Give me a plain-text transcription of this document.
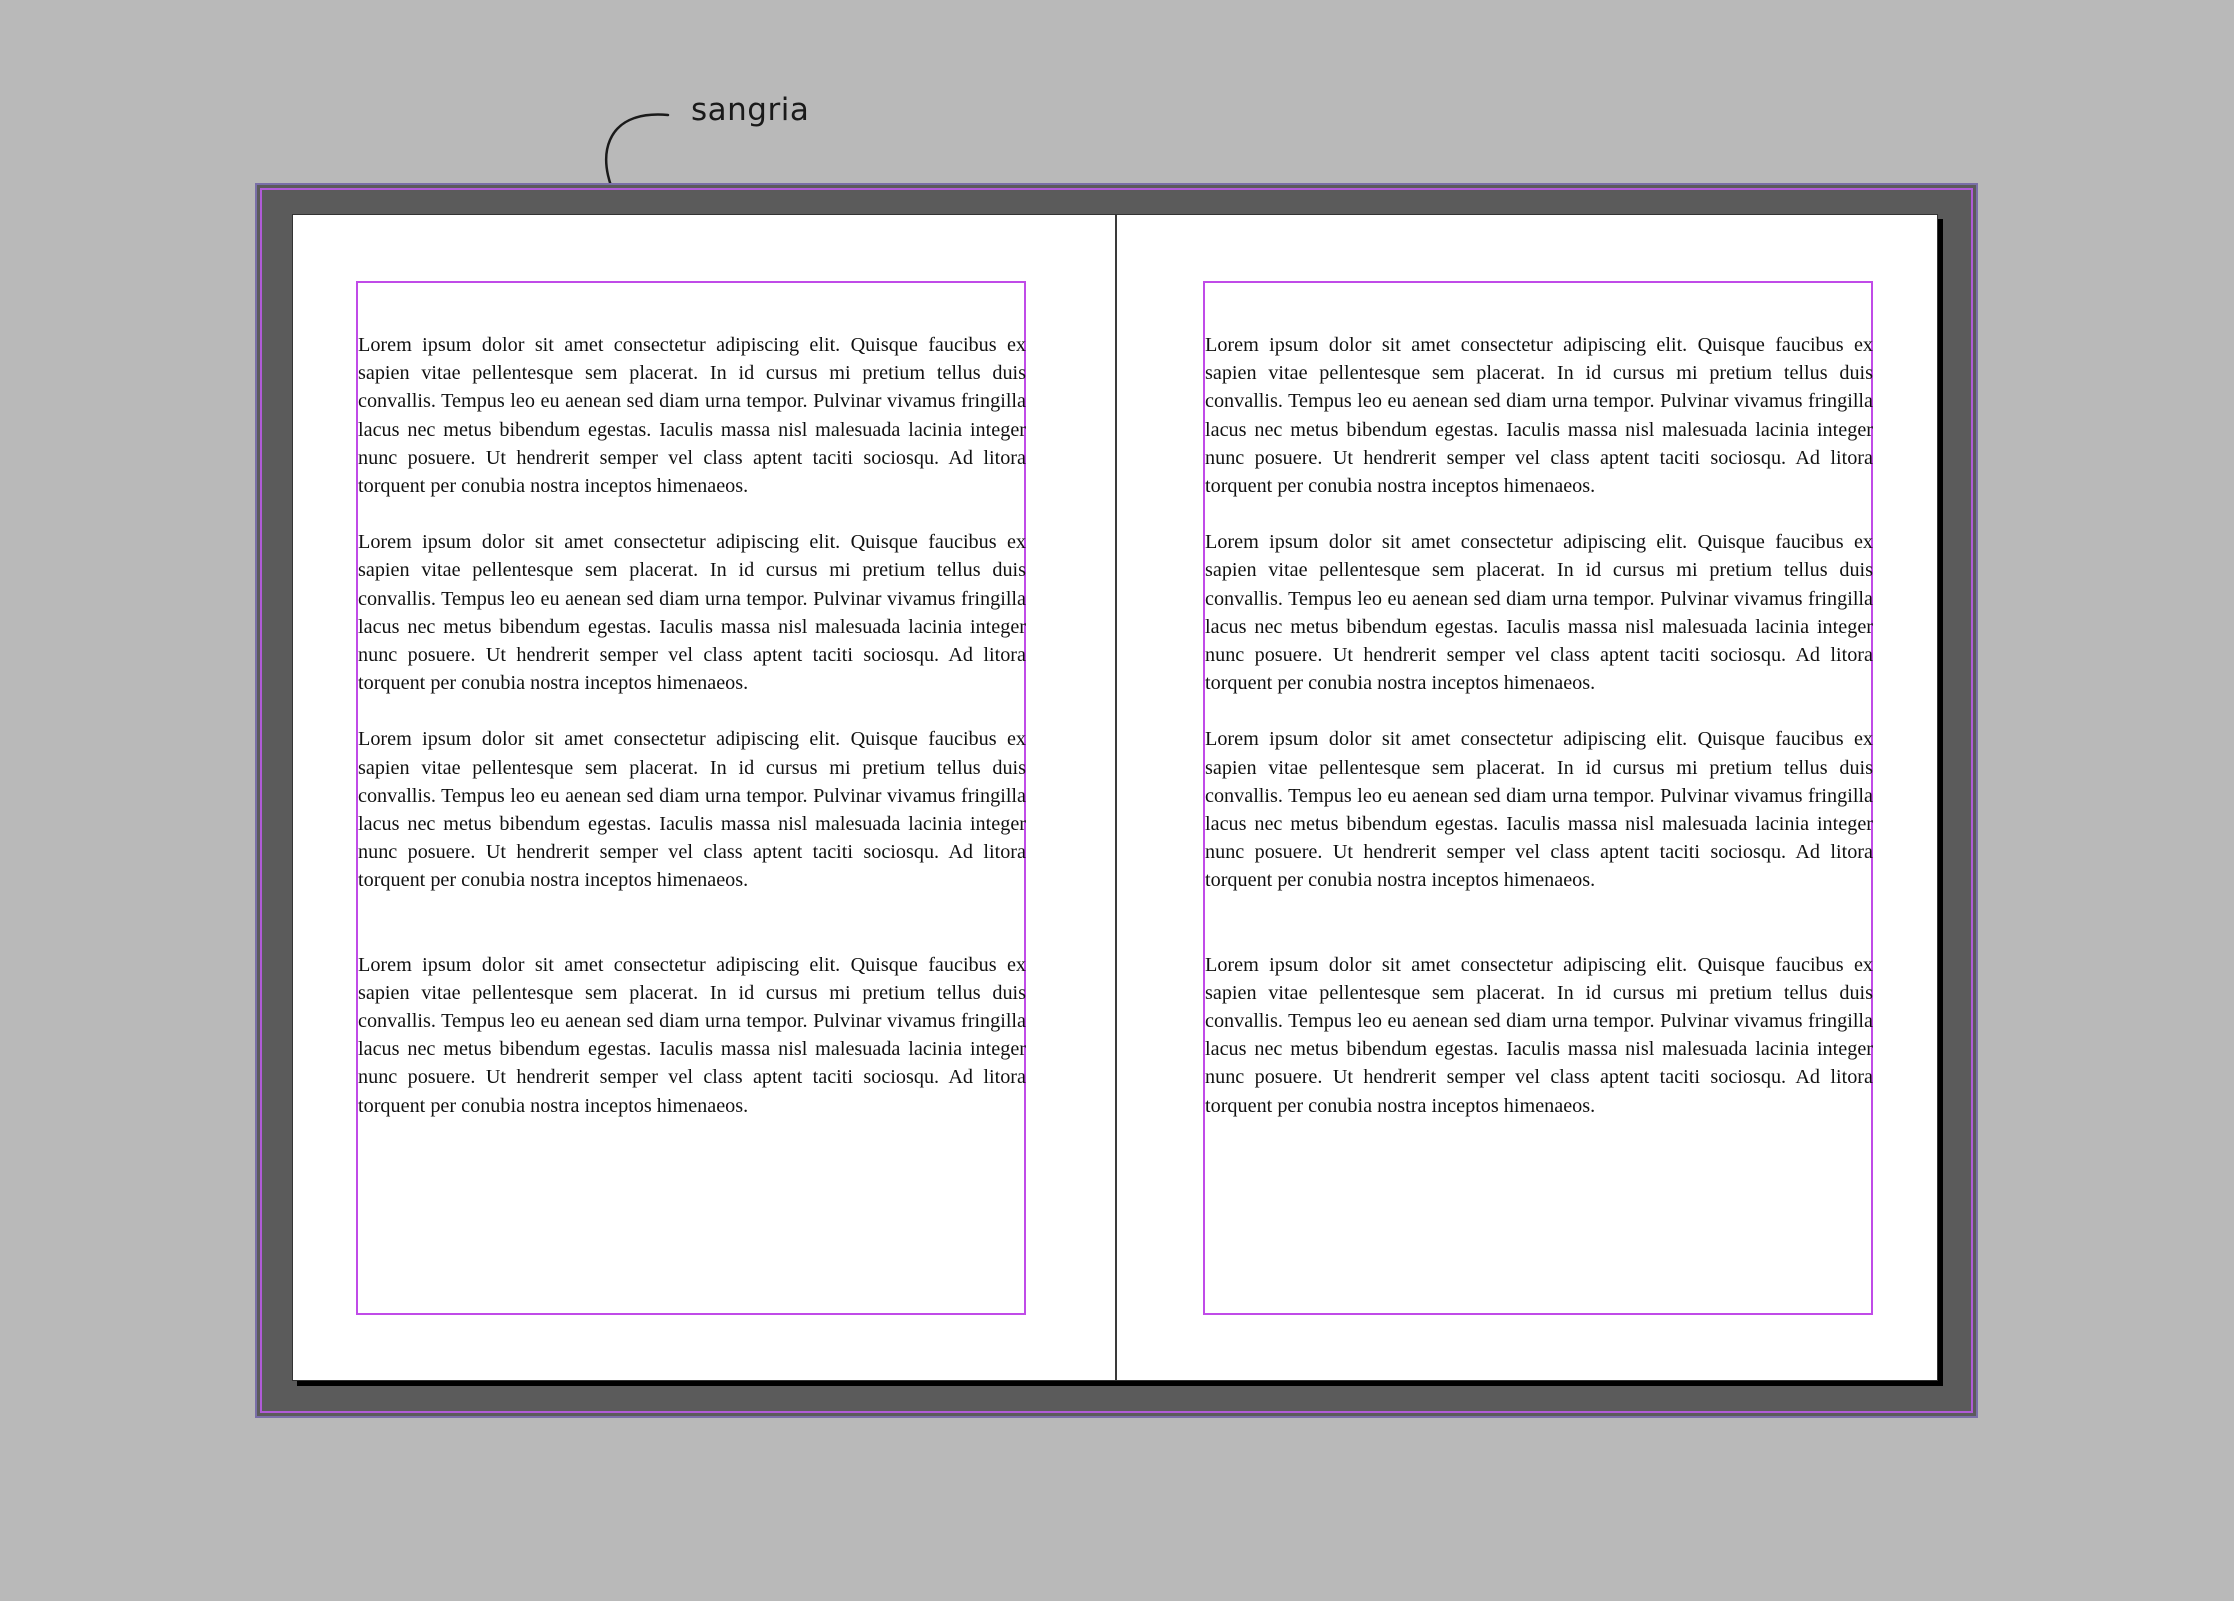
sangria

Lorem ipsum dolor sit amet consectetur adipiscing elit. Quisque faucibus ex sapien vitae pellentesque sem placerat. In id cursus mi pretium tellus duis convallis. Tempus leo eu aenean sed diam urna tempor. Pulvinar vivamus fringilla lacus nec metus bibendum egestas. Iaculis massa nisl malesuada lacinia integer nunc posuere. Ut hendrerit semper vel class aptent taciti sociosqu. Ad litora torquent per conubia nostra inceptos himenaeos.

Lorem ipsum dolor sit amet consectetur adipiscing elit. Quisque faucibus ex sapien vitae pellentesque sem placerat. In id cursus mi pretium tellus duis convallis. Tempus leo eu aenean sed diam urna tempor. Pulvinar vivamus fringilla lacus nec metus bibendum egestas. Iaculis massa nisl malesuada lacinia integer nunc posuere. Ut hendrerit semper vel class aptent taciti sociosqu. Ad litora torquent per conubia nostra inceptos himenaeos.

Lorem ipsum dolor sit amet consectetur adipiscing elit. Quisque faucibus ex sapien vitae pellentesque sem placerat. In id cursus mi pretium tellus duis convallis. Tempus leo eu aenean sed diam urna tempor. Pulvinar vivamus fringilla lacus nec metus bibendum egestas. Iaculis massa nisl malesuada lacinia integer nunc posuere. Ut hendrerit semper vel class aptent taciti sociosqu. Ad litora torquent per conubia nostra inceptos himenaeos.

Lorem ipsum dolor sit amet consectetur adipiscing elit. Quisque faucibus ex sapien vitae pellentesque sem placerat. In id cursus mi pretium tellus duis convallis. Tempus leo eu aenean sed diam urna tempor. Pulvinar vivamus fringilla lacus nec metus bibendum egestas. Iaculis massa nisl malesuada lacinia integer nunc posuere. Ut hendrerit semper vel class aptent taciti sociosqu. Ad litora torquent per conubia nostra inceptos himenaeos.

Lorem ipsum dolor sit amet consectetur adipiscing elit. Quisque faucibus ex sapien vitae pellentesque sem placerat. In id cursus mi pretium tellus duis convallis. Tempus leo eu aenean sed diam urna tempor. Pulvinar vivamus fringilla lacus nec metus bibendum egestas. Iaculis massa nisl malesuada lacinia integer nunc posuere. Ut hendrerit semper vel class aptent taciti sociosqu. Ad litora torquent per conubia nostra inceptos himenaeos.

Lorem ipsum dolor sit amet consectetur adipiscing elit. Quisque faucibus ex sapien vitae pellentesque sem placerat. In id cursus mi pretium tellus duis convallis. Tempus leo eu aenean sed diam urna tempor. Pulvinar vivamus fringilla lacus nec metus bibendum egestas. Iaculis massa nisl malesuada lacinia integer nunc posuere. Ut hendrerit semper vel class aptent taciti sociosqu. Ad litora torquent per conubia nostra inceptos himenaeos.

Lorem ipsum dolor sit amet consectetur adipiscing elit. Quisque faucibus ex sapien vitae pellentesque sem placerat. In id cursus mi pretium tellus duis convallis. Tempus leo eu aenean sed diam urna tempor. Pulvinar vivamus fringilla lacus nec metus bibendum egestas. Iaculis massa nisl malesuada lacinia integer nunc posuere. Ut hendrerit semper vel class aptent taciti sociosqu. Ad litora torquent per conubia nostra inceptos himenaeos.

Lorem ipsum dolor sit amet consectetur adipiscing elit. Quisque faucibus ex sapien vitae pellentesque sem placerat. In id cursus mi pretium tellus duis convallis. Tempus leo eu aenean sed diam urna tempor. Pulvinar vivamus fringilla lacus nec metus bibendum egestas. Iaculis massa nisl malesuada lacinia integer nunc posuere. Ut hendrerit semper vel class aptent taciti sociosqu. Ad litora torquent per conubia nostra inceptos himenaeos.
